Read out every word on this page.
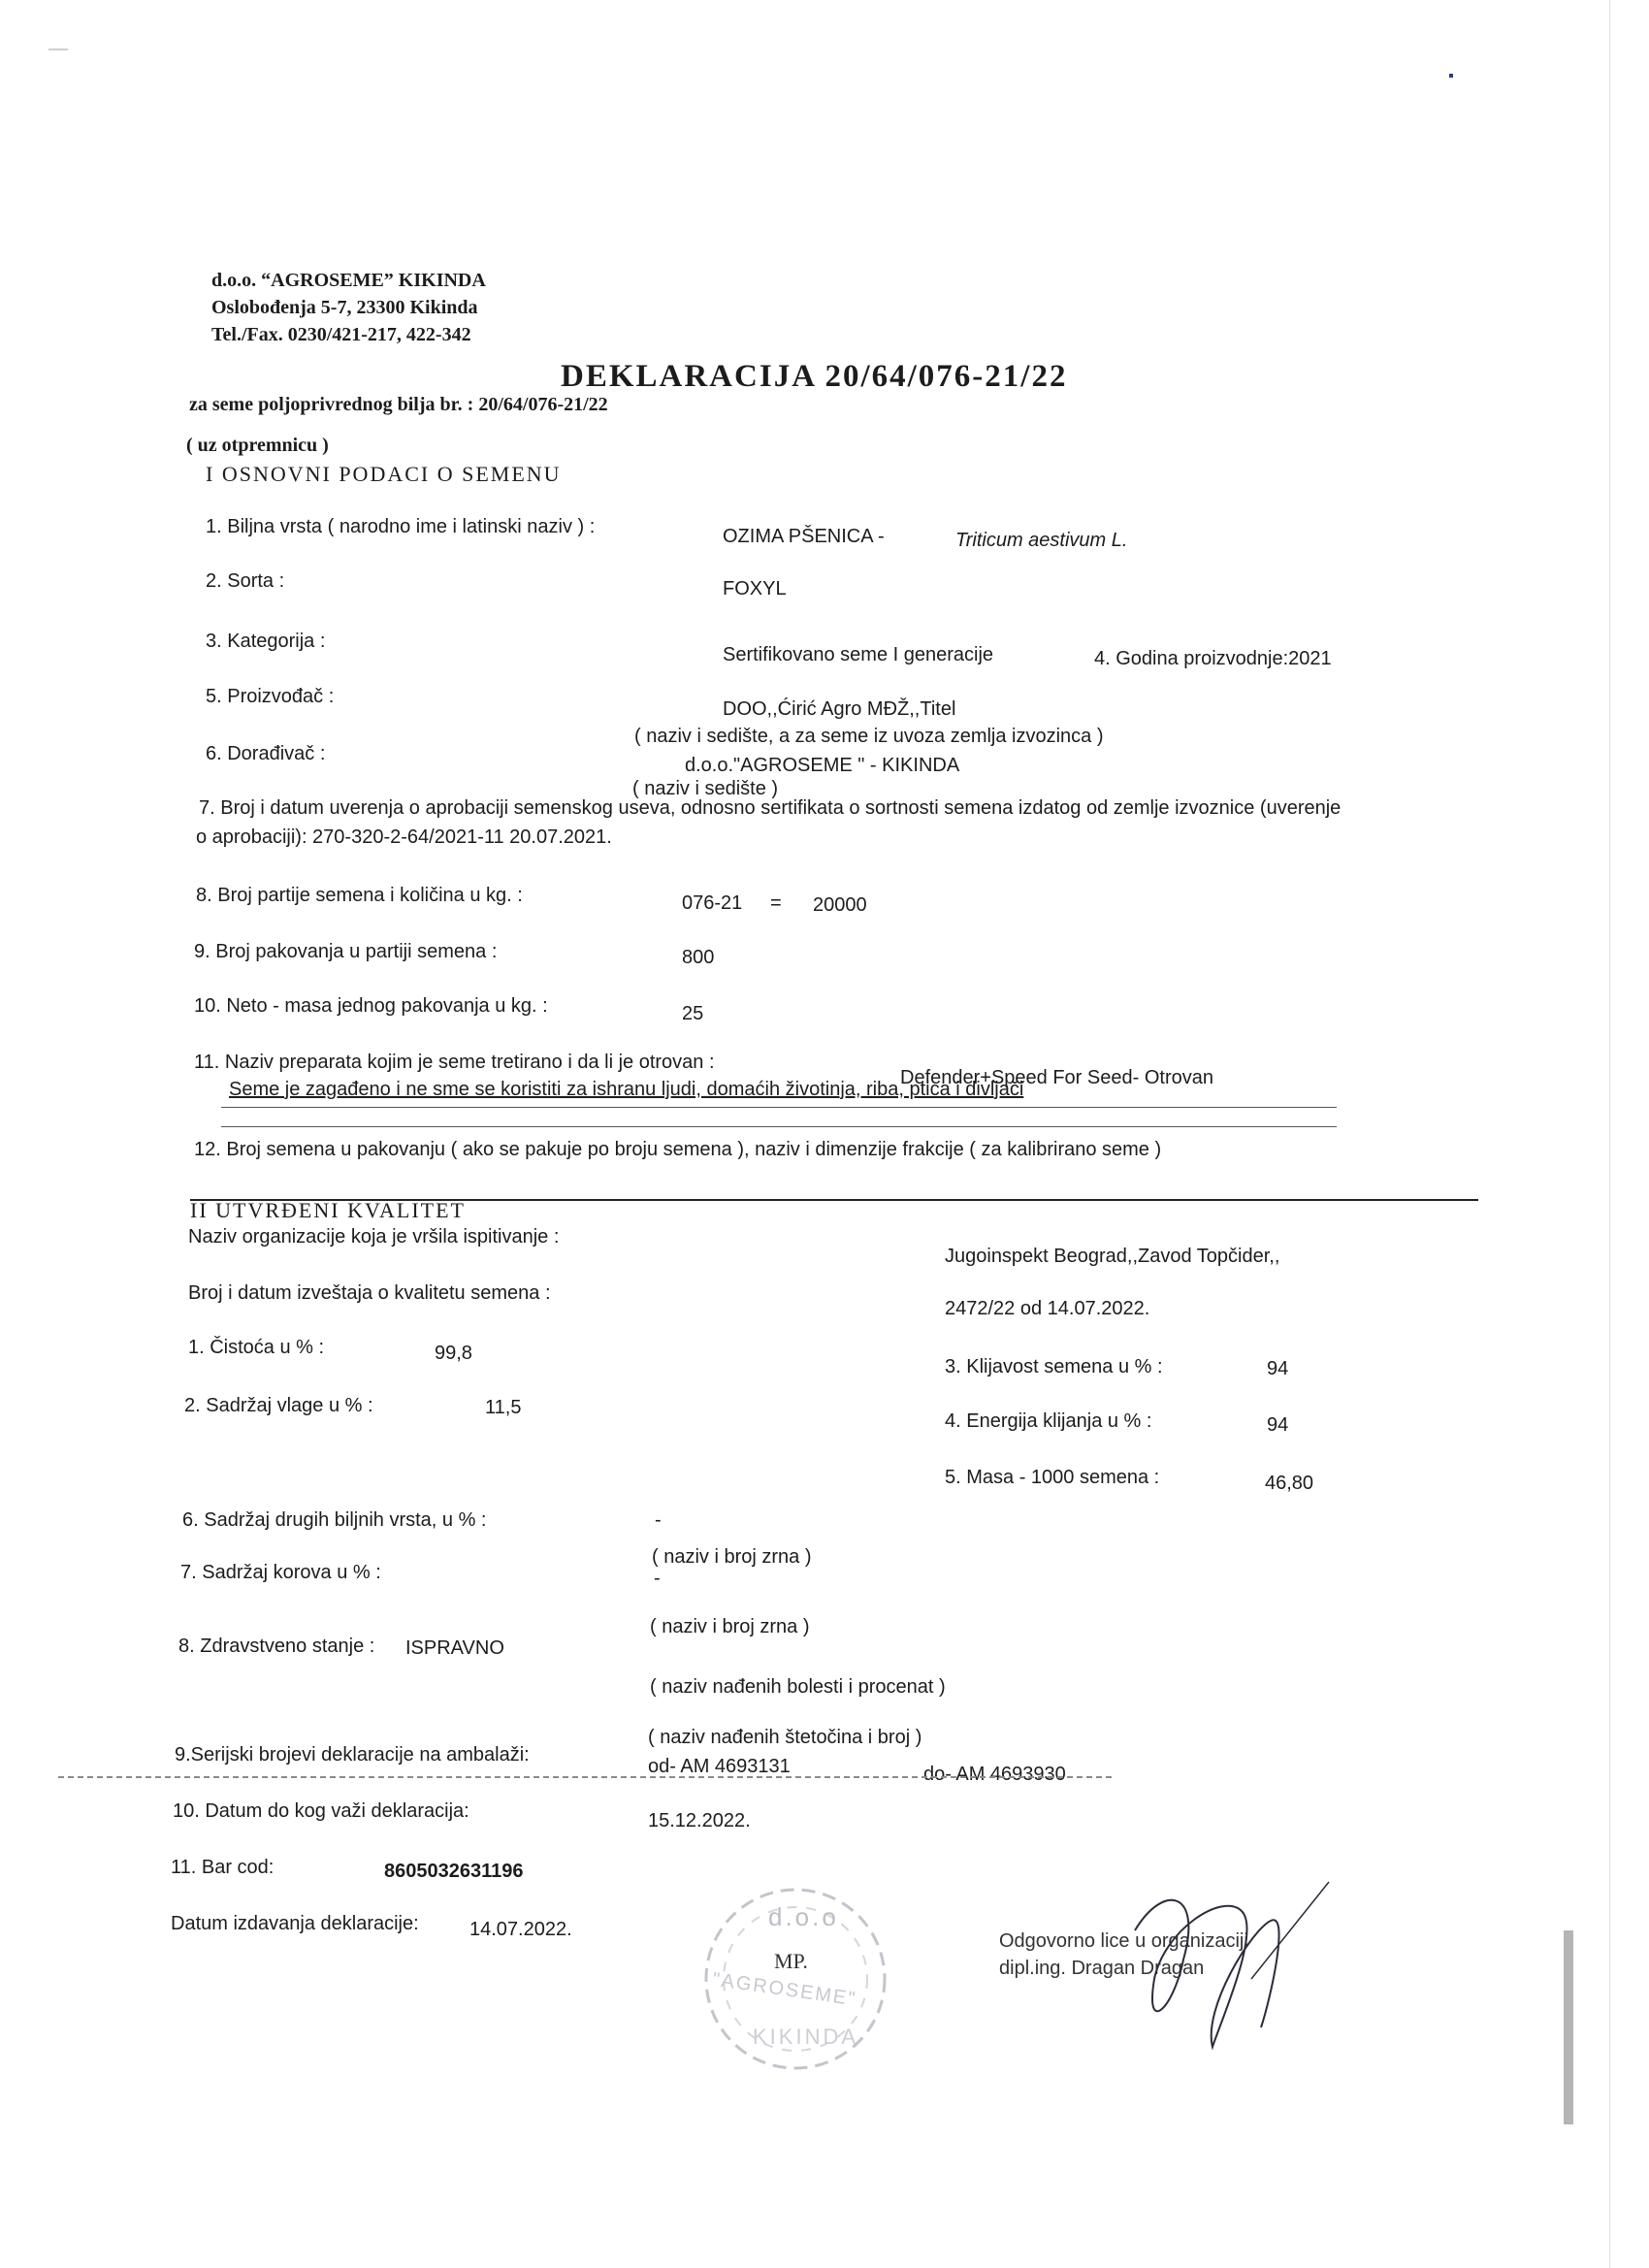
d.o.o. “AGROSEME” KIKINDA
Oslobođenja 5-7, 23300 Kikinda
Tel./Fax. 0230/421-217, 422-342
DEKLARACIJA 20/64/076-21/22
za seme poljoprivrednog bilja br. : 20/64/076-21/22
( uz otpremnicu )
I OSNOVNI PODACI O SEMENU
1. Biljna vrsta ( narodno ime i latinski naziv ) :	OZIMA PŠENICA -	Triticum aestivum L.
2. Sorta :	FOXYL
3. Kategorija :
Sertifikovano seme I generacije	4. Godina proizvodnje:2021
5. Proizvođač :
DOO,,Ćirić Agro MĐŽ,,Titel
( naziv i sedište, a za seme iz uvoza zemlja izvozinca )
6. Dorađivač :
d.o.o."AGROSEME " - KIKINDA
( naziv i sedište )
7. Broj i datum uverenja o aprobaciji semenskog useva, odnosno sertifikata o sortnosti semena izdatog od zemlje izvoznice (uverenje
o aprobaciji): 270-320-2-64/2021-11 20.07.2021.
8. Broj partije semena i količina u kg. :	076-21 = 20000
9. Broj pakovanja u partiji semena :	800
10. Neto - masa jednog pakovanja u kg. :	25
11. Naziv preparata kojim je seme tretirano i da li je otrovan :
Defender+Speed For Seed- Otrovan
Seme je zagađeno i ne sme se koristiti za ishranu ljudi, domaćih životinja, riba, ptica i divljači
12. Broj semena u pakovanju ( ako se pakuje po broju semena ), naziv i dimenzije frakcije ( za kalibrirano seme )
II UTVRĐENI KVALITET
Naziv organizacije koja je vršila ispitivanje :
Jugoinspekt Beograd,,Zavod Topčider,,
Broj i datum izveštaja o kvalitetu semena :
2472/22 od 14.07.2022.
1. Čistoća u % :	99,8
3. Klijavost semena u % :	94
2. Sadržaj vlage u % :	11,5
4. Energija klijanja u % :	94
5. Masa - 1000 semena :	46,80
6. Sadržaj drugih biljnih vrsta, u % :	-
( naziv i broj zrna )
7. Sadržaj korova u % :	-
( naziv i broj zrna )
8. Zdravstveno stanje : ISPRAVNO
( naziv nađenih bolesti i procenat )
( naziv nađenih štetočina i broj )
9.Serijski brojevi deklaracije na ambalaži:
od- AM 4693131	do- AM 4693930
10. Datum do kog važi deklaracija:	15.12.2022.
11. Bar cod:	8605032631196
Datum izdavanja deklaracije:	14.07.2022.	d.o.o
MP.
"AGROSEME"
KIKINDA
Odgovorno lice u organizaciji
dipl.ing. Dragan Dragan
